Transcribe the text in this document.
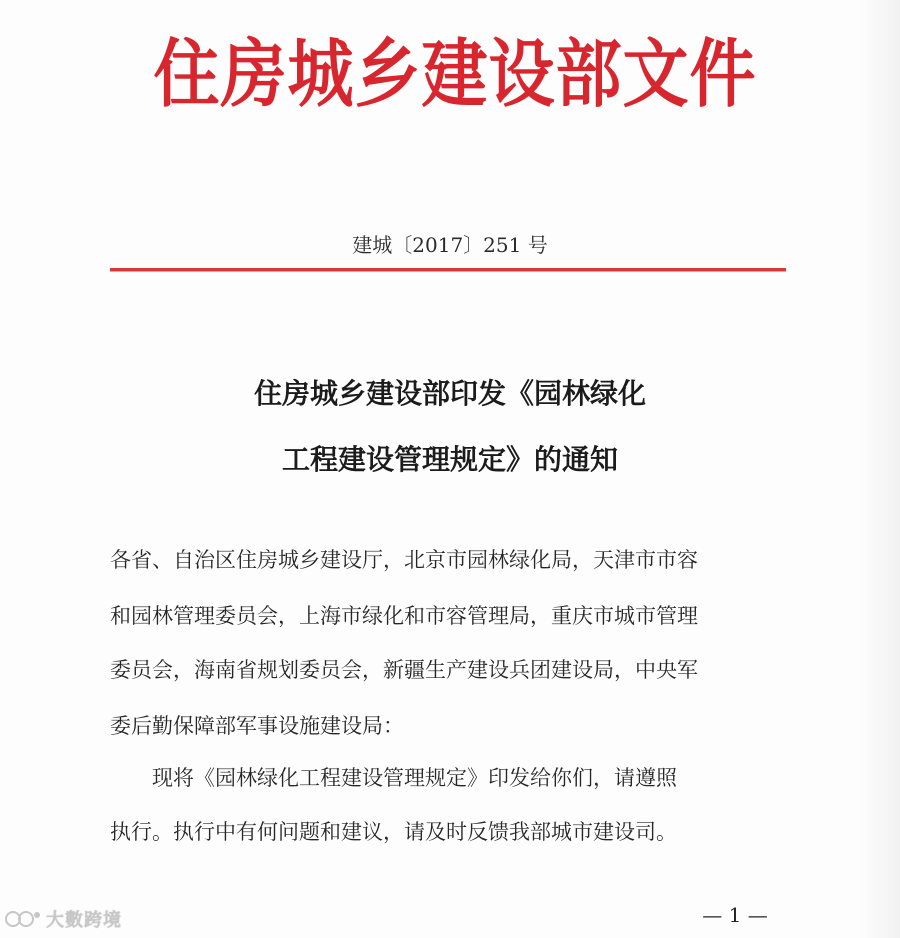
住房城乡建设部文件
建城〔2017〕251 号
住房城乡建设部印发《园林绿化
工程建设管理规定》的通知
各省、自治区住房城乡建设厅，北京市园林绿化局，天津市市容
和园林管理委员会，上海市绿化和市容管理局，重庆市城市管理
委员会，海南省规划委员会，新疆生产建设兵团建设局，中央军
委后勤保障部军事设施建设局：
现将《园林绿化工程建设管理规定》印发给你们，请遵照
执行。执行中有何问题和建议，请及时反馈我部城市建设司。
— 1 —
大數跨境
